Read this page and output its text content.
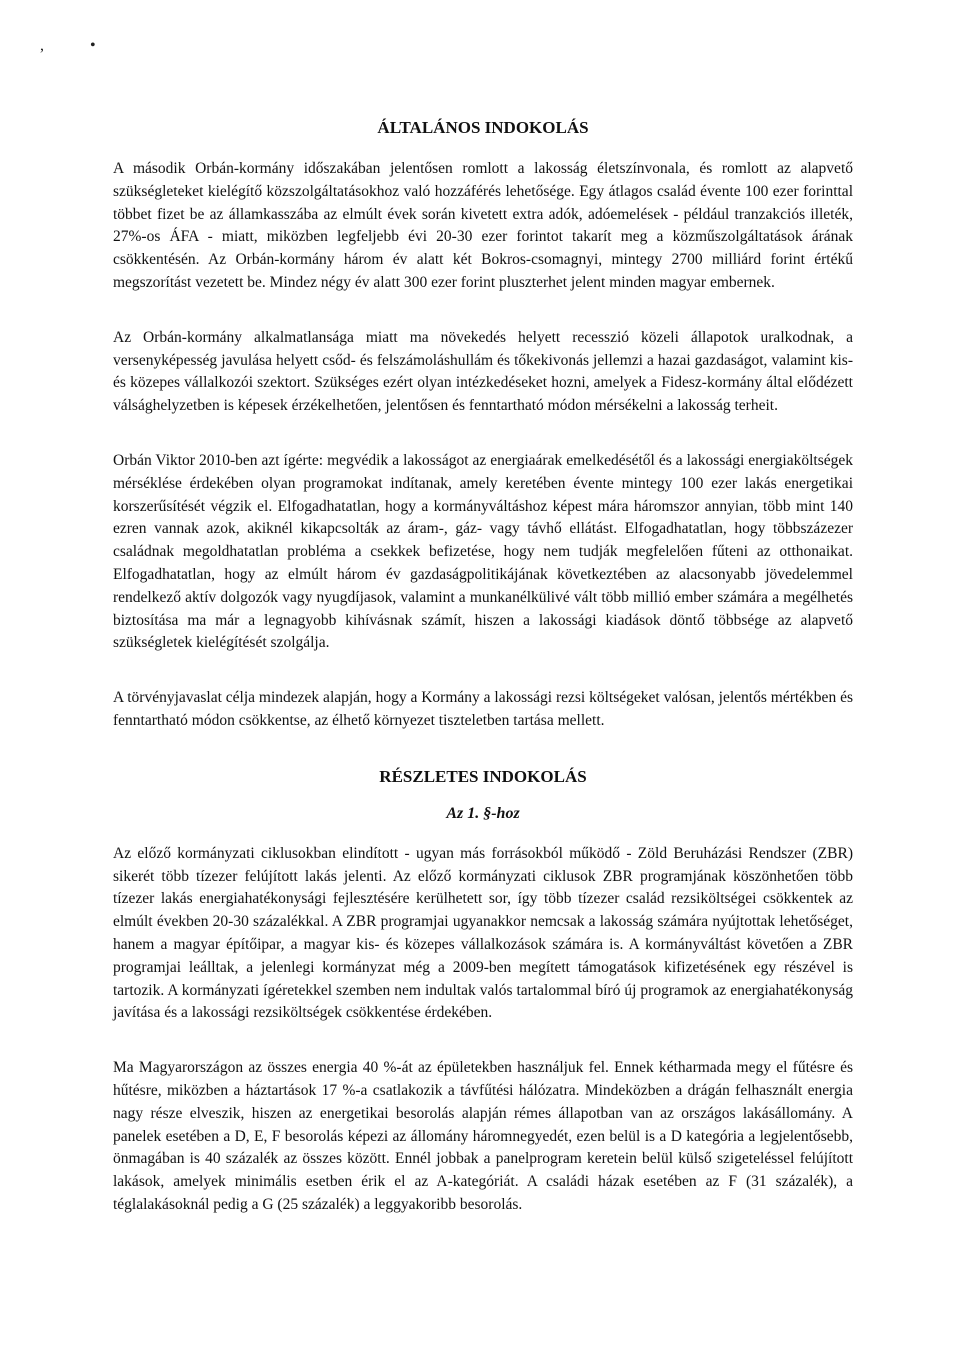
,	•
ÁLTALÁNOS INDOKOLÁS

A második Orbán-kormány időszakában jelentősen romlott a lakosság életszínvonala, és romlott az alapvető szükségleteket kielégítő közszolgáltatásokhoz való hozzáférés lehetősége. Egy átlagos család évente 100 ezer forinttal többet fizet be az államkasszába az elmúlt évek során kivetett extra adók, adóemelések - például tranzakciós illeték, 27%-os ÁFA - miatt, miközben legfeljebb évi 20-30 ezer forintot takarít meg a közműszolgáltatások árának csökkentésén. Az Orbán-kormány három év alatt két Bokros-csomagnyi, mintegy 2700 milliárd forint értékű megszorítást vezetett be. Mindez négy év alatt 300 ezer forint pluszterhet jelent minden magyar embernek.

Az Orbán-kormány alkalmatlansága miatt ma növekedés helyett recesszió közeli állapotok uralkodnak, a versenyképesség javulása helyett csőd- és felszámoláshullám és tőkekivonás jellemzi a hazai gazdaságot, valamint kis- és közepes vállalkozói szektort. Szükséges ezért olyan intézkedéseket hozni, amelyek a Fidesz-kormány által elődézett válsághelyzetben is képesek érzékelhetően, jelentősen és fenntartható módon mérsékelni a lakosság terheit.

Orbán Viktor 2010-ben azt ígérte: megvédik a lakosságot az energiaárak emelkedésétől és a lakossági energiaköltségek mérséklése érdekében olyan programokat indítanak, amely keretében évente mintegy 100 ezer lakás energetikai korszerűsítését végzik el. Elfogadhatatlan, hogy a kormányváltáshoz képest mára háromszor annyian, több mint 140 ezren vannak azok, akiknél kikapcsolták az áram-, gáz- vagy távhő ellátást. Elfogadhatatlan, hogy többszázezer családnak megoldhatatlan probléma a csekkek befizetése, hogy nem tudják megfelelően fűteni az otthonaikat. Elfogadhatatlan, hogy az elmúlt három év gazdaságpolitikájának következtében az alacsonyabb jövedelemmel rendelkező aktív dolgozók vagy nyugdíjasok, valamint a munkanélkülivé vált több millió ember számára a megélhetés biztosítása ma már a legnagyobb kihívásnak számít, hiszen a lakossági kiadások döntő többsége az alapvető szükségletek kielégítését szolgálja.

A törvényjavaslat célja mindezek alapján, hogy a Kormány a lakossági rezsi költségeket valósan, jelentős mértékben és fenntartható módon csökkentse, az élhető környezet tiszteletben tartása mellett.

RÉSZLETES INDOKOLÁS
Az 1. §-hoz

Az előző kormányzati ciklusokban elindított - ugyan más forrásokból működő - Zöld Beruházási Rendszer (ZBR) sikerét több tízezer felújított lakás jelenti. Az előző kormányzati ciklusok ZBR programjának köszönhetően több tízezer lakás energiahatékonysági fejlesztésére kerülhetett sor, így több tízezer család rezsiköltségei csökkentek az elmúlt években 20-30 százalékkal. A ZBR programjai ugyanakkor nemcsak a lakosság számára nyújtottak lehetőséget, hanem a magyar építőipar, a magyar kis- és közepes vállalkozások számára is. A kormányváltást követően a ZBR programjai leálltak, a jelenlegi kormányzat még a 2009-ben megített támogatások kifizetésének egy részével is tartozik. A kormányzati ígéretekkel szemben nem indultak valós tartalommal bíró új programok az energiahatékonyság javítása és a lakossági rezsiköltségek csökkentése érdekében.

Ma Magyarországon az összes energia 40 %-át az épületekben használjuk fel. Ennek kétharmada megy el fűtésre és hűtésre, miközben a háztartások 17 %-a csatlakozik a távfűtési hálózatra. Mindeközben a drágán felhasznált energia nagy része elveszik, hiszen az energetikai besorolás alapján rémes állapotban van az országos lakásállomány. A panelek esetében a D, E, F besorolás képezi az állomány háromnegyedét, ezen belül is a D kategória a legjelentősebb, önmagában is 40 százalék az összes között. Ennél jobbak a panelprogram keretein belül külső szigeteléssel felújított lakások, amelyek minimális esetben érik el az A-kategóriát. A családi házak esetében az F (31 százalék), a téglalakásoknál pedig a G (25 százalék) a leggyakoribb besorolás.
